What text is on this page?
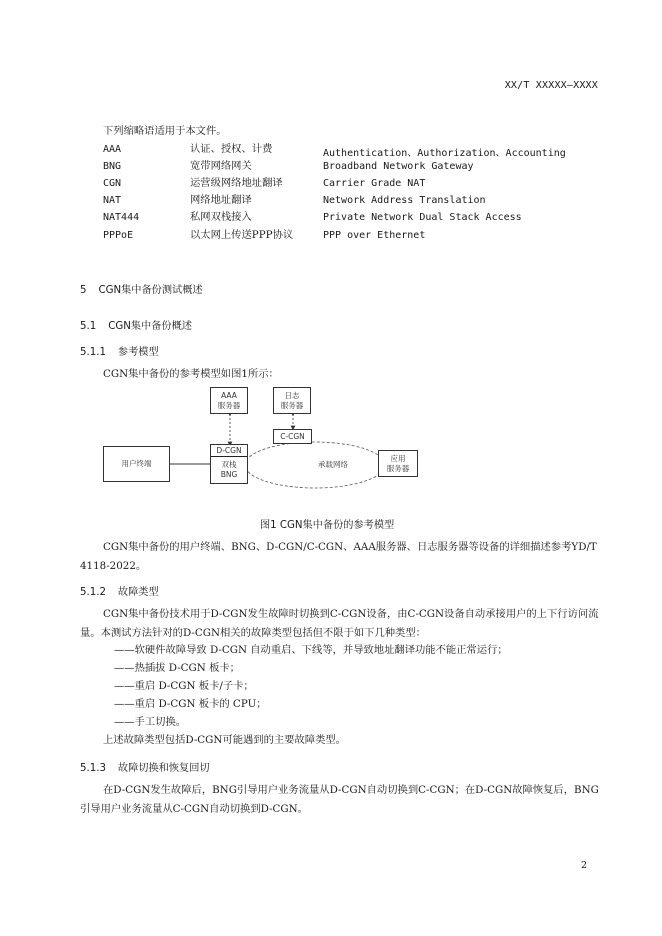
XX/T XXXXX—XXXX
下列缩略语适用于本文件。
AAA	认证、授权、计费	Authentication、Authorization、Accounting
BNG	宽带网络网关	Broadband Network Gateway
CGN	运营级网络地址翻译	Carrier Grade NAT
NAT	网络地址翻译	Network Address Translation
NAT444	私网双栈接入	Private Network Dual Stack Access
PPPoE	以太网上传送PPP协议	PPP over Ethernet
5 CGN集中备份测试概述
5.1 CGN集中备份概述
5.1.1 参考模型
CGN集中备份的参考模型如图1所示：
AAA
服务器
日志
服务器
C-CGN
D-CGN
双栈
BNG
用户终端	承载网络
应用
服务器
图1 CGN集中备份的参考模型
CGN集中备份的用户终端、BNG、D-CGN/C-CGN、AAA服务器、日志服务器等设备的详细描述参考YD/T 4118-2022。
5.1.2 故障类型
CGN集中备份技术用于D-CGN发生故障时切换到C-CGN设备，由C-CGN设备自动承接用户的上下行访问流量。本测试方法针对的D-CGN相关的故障类型包括但不限于如下几种类型：
——软硬件故障导致 D-CGN 自动重启、下线等，并导致地址翻译功能不能正常运行；
——热插拔 D-CGN 板卡；
——重启 D-CGN 板卡/子卡；
——重启 D-CGN 板卡的 CPU；
——手工切换。
上述故障类型包括D-CGN可能遇到的主要故障类型。
5.1.3 故障切换和恢复回切
在D-CGN发生故障后，BNG引导用户业务流量从D-CGN自动切换到C-CGN；在D-CGN故障恢复后，BNG引导用户业务流量从C-CGN自动切换到D-CGN。
2
